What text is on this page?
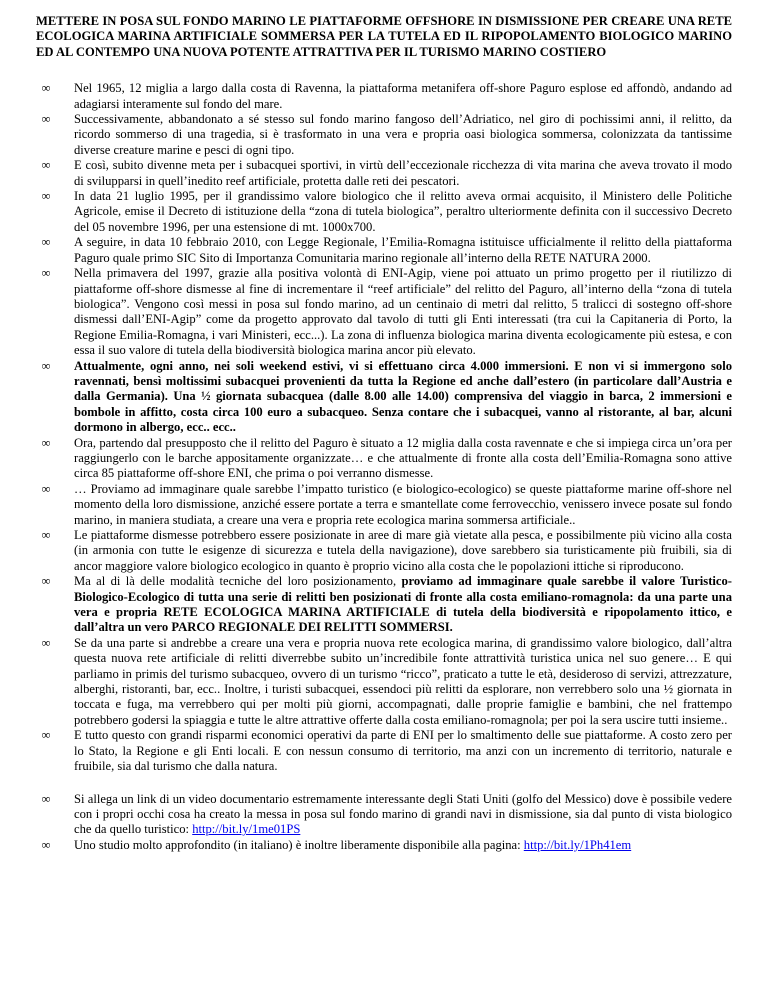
METTERE IN POSA SUL FONDO MARINO LE PIATTAFORME OFFSHORE IN DISMISSIONE PER CREARE UNA RETE ECOLOGICA MARINA ARTIFICIALE SOMMERSA PER LA TUTELA ED IL RIPOPOLAMENTO BIOLOGICO MARINO ED AL CONTEMPO UNA NUOVA POTENTE ATTRATTIVA PER IL TURISMO MARINO COSTIERO
∞	Nel 1965, 12 miglia a largo dalla costa di Ravenna, la piattaforma metanifera off-shore Paguro esplose ed affondò, andando ad adagiarsi interamente sul fondo del mare.
∞	Successivamente, abbandonato a sé stesso sul fondo marino fangoso dell’Adriatico, nel giro di pochissimi anni, il relitto, da ricordo sommerso di una tragedia, si è trasformato in una vera e propria oasi biologica sommersa, colonizzata da tantissime diverse creature marine e pesci di ogni tipo.
∞	E così, subito divenne meta per i subacquei sportivi, in virtù dell’eccezionale ricchezza di vita marina che aveva trovato il modo di svilupparsi in quell’inedito reef artificiale, protetta dalle reti dei pescatori.
∞	In data 21 luglio 1995, per il grandissimo valore biologico che il relitto aveva ormai acquisito, il Ministero delle Politiche Agricole, emise il Decreto di istituzione della “zona di tutela biologica”, peraltro ulteriormente definita con il successivo Decreto del 05 novembre 1996, per una estensione di mt. 1000x700.
∞	A seguire, in data 10 febbraio 2010, con Legge Regionale, l’Emilia-Romagna istituisce ufficialmente il relitto della piattaforma Paguro quale primo SIC Sito di Importanza Comunitaria marino regionale all’interno della RETE NATURA 2000.
∞	Nella primavera del 1997, grazie alla positiva volontà di ENI-Agip, viene poi attuato un primo progetto per il riutilizzo di piattaforme off-shore dismesse al fine di incrementare il “reef artificiale” del relitto del Paguro, all’interno della “zona di tutela biologica”. Vengono così messi in posa sul fondo marino, ad un centinaio di metri dal relitto, 5 tralicci di sostegno off-shore dismessi dall’ENI-Agip” come da progetto approvato dal tavolo di tutti gli Enti interessati (tra cui la Capitaneria di Porto, la Regione Emilia-Romagna, i vari Ministeri, ecc...). La zona di influenza biologica marina diventa ecologicamente più estesa, e con essa il suo valore di tutela della biodiversità biologica marina ancor più elevato.
∞	Attualmente, ogni anno, nei soli weekend estivi, vi si effettuano circa 4.000 immersioni. E non vi si immergono solo ravennati, bensì moltissimi subacquei provenienti da tutta la Regione ed anche dall’estero (in particolare dall’Austria e dalla Germania). Una ½ giornata subacquea (dalle 8.00 alle 14.00) comprensiva del viaggio in barca, 2 immersioni e bombole in affitto, costa circa 100 euro a subacqueo. Senza contare che i subacquei, vanno al ristorante, al bar, alcuni dormono in albergo, ecc.. ecc..
∞	Ora, partendo dal presupposto che il relitto del Paguro è situato a 12 miglia dalla costa ravennate e che si impiega circa un’ora per raggiungerlo con le barche appositamente organizzate… e che attualmente di fronte alla costa dell’Emilia-Romagna sono attive circa 85 piattaforme off-shore ENI, che prima o poi verranno dismesse.
∞	… Proviamo ad immaginare quale sarebbe l’impatto turistico (e biologico-ecologico) se queste piattaforme marine off-shore nel momento della loro dismissione, anziché essere portate a terra e smantellate come ferrovecchio, venissero invece posate sul fondo marino, in maniera studiata, a creare una vera e propria rete ecologica marina sommersa artificiale..
∞	Le piattaforme dismesse potrebbero essere posizionate in aree di mare già vietate alla pesca, e possibilmente più vicino alla costa (in armonia con tutte le esigenze di sicurezza e tutela della navigazione), dove sarebbero sia turisticamente più fruibili, sia di ancor maggiore valore biologico ecologico in quanto è proprio vicino alla costa che le popolazioni ittiche si riproducono.
∞	Ma al di là delle modalità tecniche del loro posizionamento, proviamo ad immaginare quale sarebbe il valore Turistico-Biologico-Ecologico di tutta una serie di relitti ben posizionati di fronte alla costa emiliano-romagnola: da una parte una vera e propria RETE ECOLOGICA MARINA ARTIFICIALE di tutela della biodiversità e ripopolamento ittico, e dall’altra un vero PARCO REGIONALE DEI RELITTI SOMMERSI.
∞	Se da una parte si andrebbe a creare una vera e propria nuova rete ecologica marina, di grandissimo valore biologico, dall’altra questa nuova rete artificiale di relitti diverrebbe subito un’incredibile fonte attrattività turistica unica nel suo genere… E qui parliamo in primis del turismo subacqueo, ovvero di un turismo “ricco”, praticato a tutte le età, desideroso di servizi, attrezzature, alberghi, ristoranti, bar, ecc.. Inoltre, i turisti subacquei, essendoci più relitti da esplorare, non verrebbero solo una ½ giornata in toccata e fuga, ma verrebbero qui per molti più giorni, accompagnati, dalle proprie famiglie e bambini, che nel frattempo potrebbero godersi la spiaggia e tutte le altre attrattive offerte dalla costa emiliano-romagnola; per poi la sera uscire tutti insieme..
∞	E tutto questo con grandi risparmi economici operativi da parte di ENI per lo smaltimento delle sue piattaforme. A costo zero per lo Stato, la Regione e gli Enti locali. E con nessun consumo di territorio, ma anzi con un incremento di territorio, naturale e fruibile, sia dal turismo che dalla natura.
∞	Si allega un link di un video documentario estremamente interessante degli Stati Uniti (golfo del Messico) dove è possibile vedere con i propri occhi cosa ha creato la messa in posa sul fondo marino di grandi navi in dismissione, sia dal punto di vista biologico che da quello turistico: http://bit.ly/1me01PS
∞	Uno studio molto approfondito (in italiano) è inoltre liberamente disponibile alla pagina: http://bit.ly/1Ph41em
